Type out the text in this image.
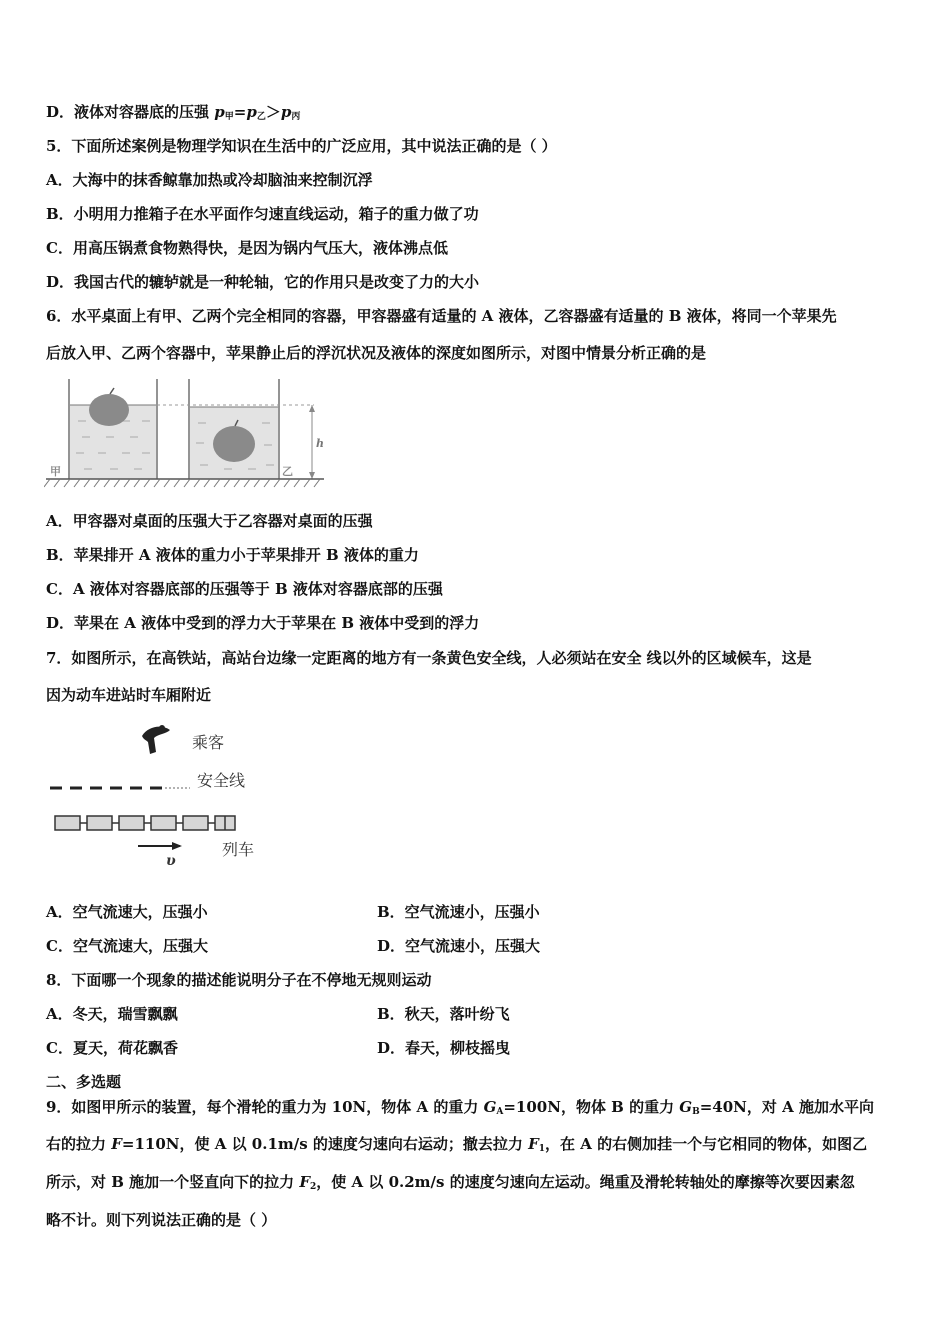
D．液体对容器底的压强 $p_甲=p_乙>p_丙$
5．下面所述案例是物理学知识在生活中的广泛应用，其中说法正确的是（ ）
A．大海中的抹香鲸靠加热或冷却脑油来控制沉浮
B．小明用力推箱子在水平面作匀速直线运动，箱子的重力做了功
C．用高压锅煮食物熟得快，是因为锅内气压大，液体沸点低
D．我国古代的辘轳就是一种轮轴，它的作用只是改变了力的大小
6．水平桌面上有甲、乙两个完全相同的容器，甲容器盛有适量的 A 液体，乙容器盛有适量的 B 液体，将同一个苹果先
后放入甲、乙两个容器中，苹果静止后的浮沉状况及液体的深度如图所示，对图中情景分析正确的是
h
甲	乙
A．甲容器对桌面的压强大于乙容器对桌面的压强
B．苹果排开 A 液体的重力小于苹果排开 B 液体的重力
C．A 液体对容器底部的压强等于 B 液体对容器底部的压强
D．苹果在 A 液体中受到的浮力大于苹果在 B 液体中受到的浮力
7．如图所示，在高铁站，高站台边缘一定距离的地方有一条黄色安全线，人必须站在安全 线以外的区域候车，这是
因为动车进站时车厢附近
υ
乘客
安全线
列车
A．空气流速大，压强小	B．空气流速小，压强小
C．空气流速大，压强大	D．空气流速小，压强大
8．下面哪一个现象的描述能说明分子在不停地无规则运动
A．冬天，瑞雪飘飘	B．秋天，落叶纷飞
C．夏天，荷花飘香	D．春天，柳枝摇曳
二、多选题
9．如图甲所示的装置，每个滑轮的重力为 10N，物体 A 的重力 $G_A=100N$，物体 B 的重力 $G_B=40N$，对 A 施加水平向
右的拉力 F=110N，使 A 以 0.1m/s 的速度匀速向右运动；撤去拉力 $F_1$，在 A 的右侧加挂一个与它相同的物体，如图乙
所示，对 B 施加一个竖直向下的拉力 $F_2$，使 A 以 0.2m/s 的速度匀速向左运动。绳重及滑轮转轴处的摩擦等次要因素忽
略不计。则下列说法正确的是（ ）
